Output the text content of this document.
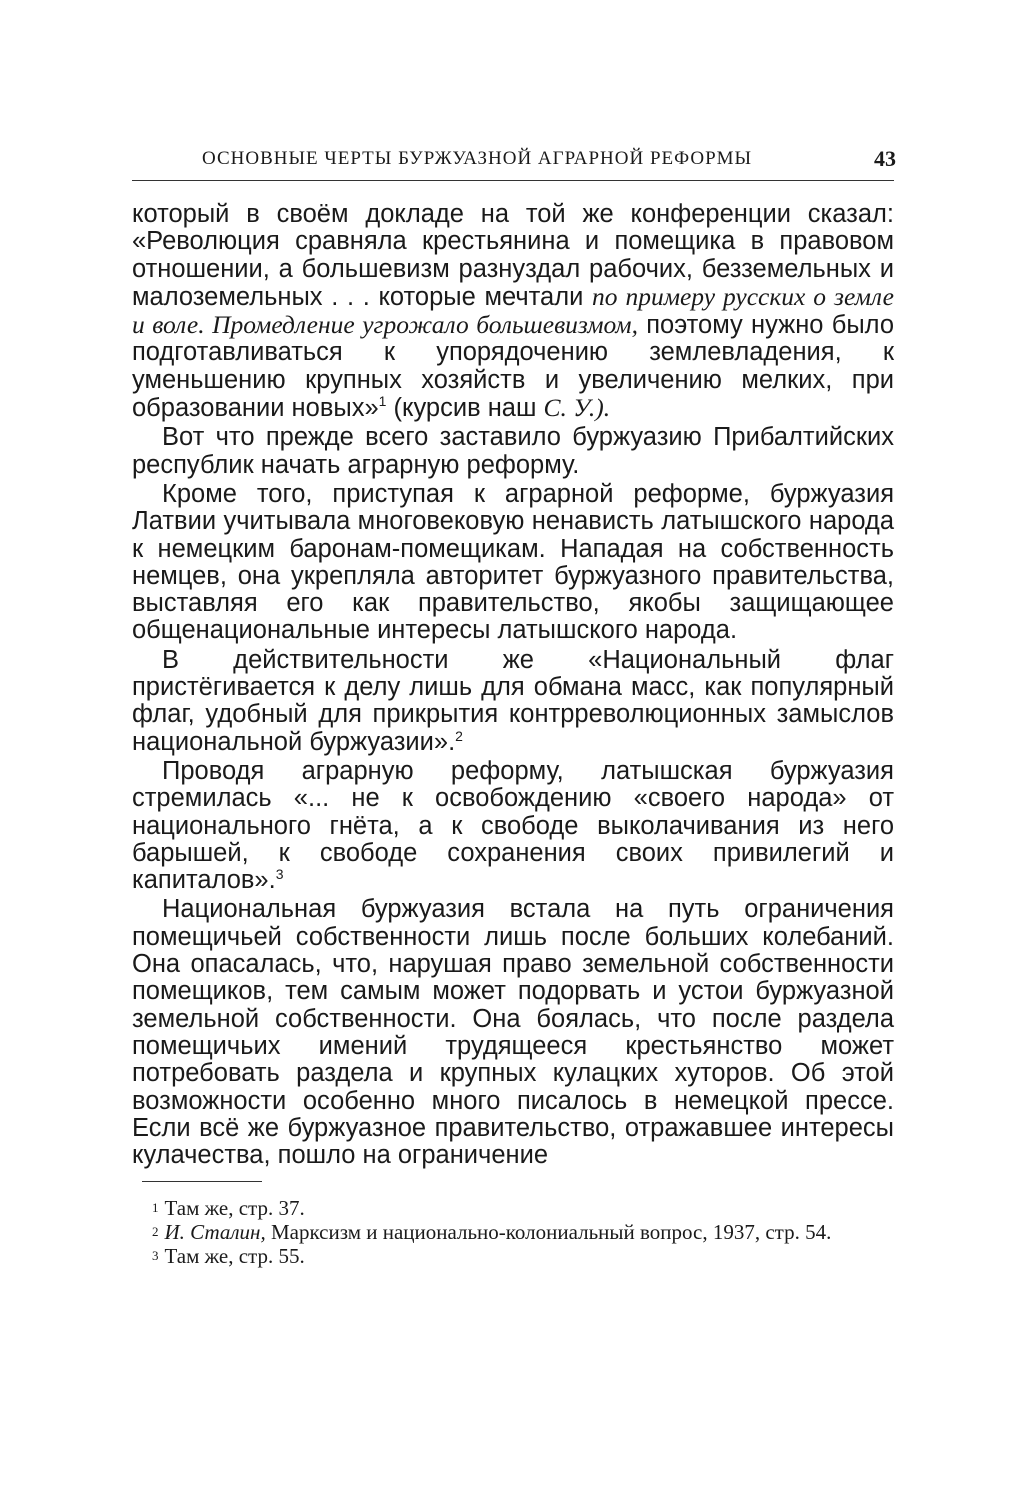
ОСНОВНЫЕ ЧЕРТЫ БУРЖУАЗНОЙ АГРАРНОЙ РЕФОРМЫ	43

который в своём докладе на той же конференции сказал: «Революция сравняла крестьянина и помещика в правовом отношении, а большевизм разнуздал рабочих, безземельных и малоземельных . . . которые мечтали по примеру русских о земле и воле. Промедление угрожало большевизмом, поэтому нужно было подготавливаться к упорядочению землевладения, к уменьшению крупных хозяйств и увеличению мелких, при образовании новых»$^1$ (курсив наш С. У.).

Вот что прежде всего заставило буржуазию Прибалтийских республик начать аграрную реформу.

Кроме того, приступая к аграрной реформе, буржуазия Латвии учитывала многовековую ненависть латышского народа к немецким баронам-помещикам. Нападая на собственность немцев, она укрепляла авторитет буржуазного правительства, выставляя его как правительство, якобы защищающее общенациональные интересы латышского народа.

В действительности же «Национальный флаг пристёгивается к делу лишь для обмана масс, как популярный флаг, удобный для прикрытия контрреволюционных замыслов национальной буржуазии».$^2$

Проводя аграрную реформу, латышская буржуазия стремилась «... не к освобождению «своего народа» от национального гнёта, а к свободе выколачивания из него барышей, к свободе сохранения своих привилегий и капиталов».$^3$

Национальная буржуазия встала на путь ограничения помещичьей собственности лишь после больших колебаний. Она опасалась, что, нарушая право земельной собственности помещиков, тем самым может подорвать и устои буржуазной земельной собственности. Она боялась, что после раздела помещичьих имений трудящееся крестьянство может потребовать раздела и крупных кулацких хуторов. Об этой возможности особенно много писалось в немецкой прессе. Если всё же буржуазное правительство, отражавшее интересы кулачества, пошло на ограничение

$^1$ Там же, стр. 37.

$^2$ И. Сталин, Марксизм и национально-колониальный вопрос, 1937, стр. 54.

$^3$ Там же, стр. 55.
